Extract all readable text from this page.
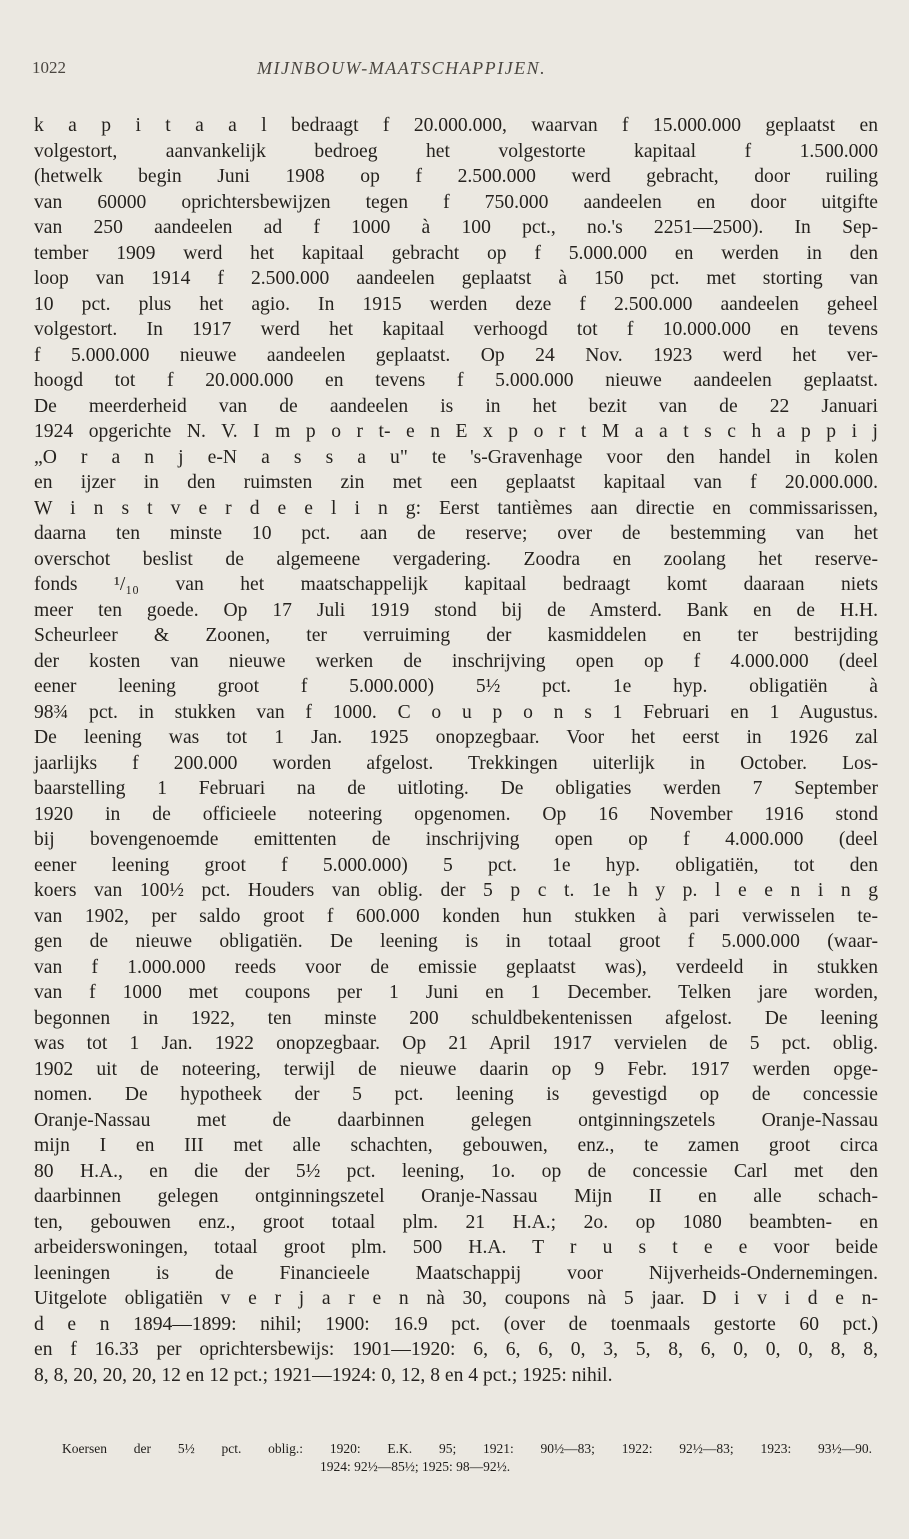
1022	MIJNBOUW-MAATSCHAPPIJEN.
k a p i t a a l bedraagt f 20.000.000, waarvan f 15.000.000 geplaatst en
volgestort, aanvankelijk bedroeg het volgestorte kapitaal f 1.500.000
(hetwelk begin Juni 1908 op f 2.500.000 werd gebracht, door ruiling
van 60000 oprichtersbewijzen tegen f 750.000 aandeelen en door uitgifte
van 250 aandeelen ad f 1000 à 100 pct., no.'s 2251—2500). In Sep-
tember 1909 werd het kapitaal gebracht op f 5.000.000 en werden in den
loop van 1914 f 2.500.000 aandeelen geplaatst à 150 pct. met storting van
10 pct. plus het agio. In 1915 werden deze f 2.500.000 aandeelen geheel
volgestort. In 1917 werd het kapitaal verhoogd tot f 10.000.000 en tevens
f 5.000.000 nieuwe aandeelen geplaatst. Op 24 Nov. 1923 werd het ver-
hoogd tot f 20.000.000 en tevens f 5.000.000 nieuwe aandeelen geplaatst.
De meerderheid van de aandeelen is in het bezit van de 22 Januari
1924 opgerichte N. V. I m p o r t- e n E x p o r t M a a t s c h a p p i j
„O r a n j e-N a s s a u" te 's-Gravenhage voor den handel in kolen
en ijzer in den ruimsten zin met een geplaatst kapitaal van f 20.000.000.
W i n s t v e r d e e l i n g: Eerst tantièmes aan directie en commissarissen,
daarna ten minste 10 pct. aan de reserve; over de bestemming van het
overschot beslist de algemeene vergadering. Zoodra en zoolang het reserve-
fonds ¹/₁₀ van het maatschappelijk kapitaal bedraagt komt daaraan niets
meer ten goede. Op 17 Juli 1919 stond bij de Amsterd. Bank en de H.H.
Scheurleer & Zoonen, ter verruiming der kasmiddelen en ter bestrijding
der kosten van nieuwe werken de inschrijving open op f 4.000.000 (deel
eener leening groot f 5.000.000) 5½ pct. 1e hyp. obligatiën à
98¾ pct. in stukken van f 1000. C o u p o n s 1 Februari en 1 Augustus.
De leening was tot 1 Jan. 1925 onopzegbaar. Voor het eerst in 1926 zal
jaarlijks f 200.000 worden afgelost. Trekkingen uiterlijk in October. Los-
baarstelling 1 Februari na de uitloting. De obligaties werden 7 September
1920 in de officieele noteering opgenomen. Op 16 November 1916 stond
bij bovengenoemde emittenten de inschrijving open op f 4.000.000 (deel
eener leening groot f 5.000.000) 5 pct. 1e hyp. obligatiën, tot den
koers van 100½ pct. Houders van oblig. der 5 p c t. 1e h y p. l e e n i n g
van 1902, per saldo groot f 600.000 konden hun stukken à pari verwisselen te-
gen de nieuwe obligatiën. De leening is in totaal groot f 5.000.000 (waar-
van f 1.000.000 reeds voor de emissie geplaatst was), verdeeld in stukken
van f 1000 met coupons per 1 Juni en 1 December. Telken jare worden,
begonnen in 1922, ten minste 200 schuldbekentenissen afgelost. De leening
was tot 1 Jan. 1922 onopzegbaar. Op 21 April 1917 vervielen de 5 pct. oblig.
1902 uit de noteering, terwijl de nieuwe daarin op 9 Febr. 1917 werden opge-
nomen. De hypotheek der 5 pct. leening is gevestigd op de concessie
Oranje-Nassau met de daarbinnen gelegen ontginningszetels Oranje-Nassau
mijn I en III met alle schachten, gebouwen, enz., te zamen groot circa
80 H.A., en die der 5½ pct. leening, 1o. op de concessie Carl met den
daarbinnen gelegen ontginningszetel Oranje-Nassau Mijn II en alle schach-
ten, gebouwen enz., groot totaal plm. 21 H.A.; 2o. op 1080 beambten- en
arbeiderswoningen, totaal groot plm. 500 H.A. T r u s t e e voor beide
leeningen is de Financieele Maatschappij voor Nijverheids-Ondernemingen.
Uitgelote obligatiën v e r j a r e n nà 30, coupons nà 5 jaar. D i v i d e n-
d e n 1894—1899: nihil; 1900: 16.9 pct. (over de toenmaals gestorte 60 pct.)
en f 16.33 per oprichtersbewijs: 1901—1920: 6, 6, 6, 0, 3, 5, 8, 6, 0, 0, 0, 8, 8,
8, 8, 20, 20, 20, 12 en 12 pct.; 1921—1924: 0, 12, 8 en 4 pct.; 1925: nihil.
Koersen der 5½ pct. oblig.: 1920: E.K. 95; 1921: 90½—83; 1922: 92½—83; 1923: 93½—90.
1924: 92½—85½; 1925: 98—92½.
